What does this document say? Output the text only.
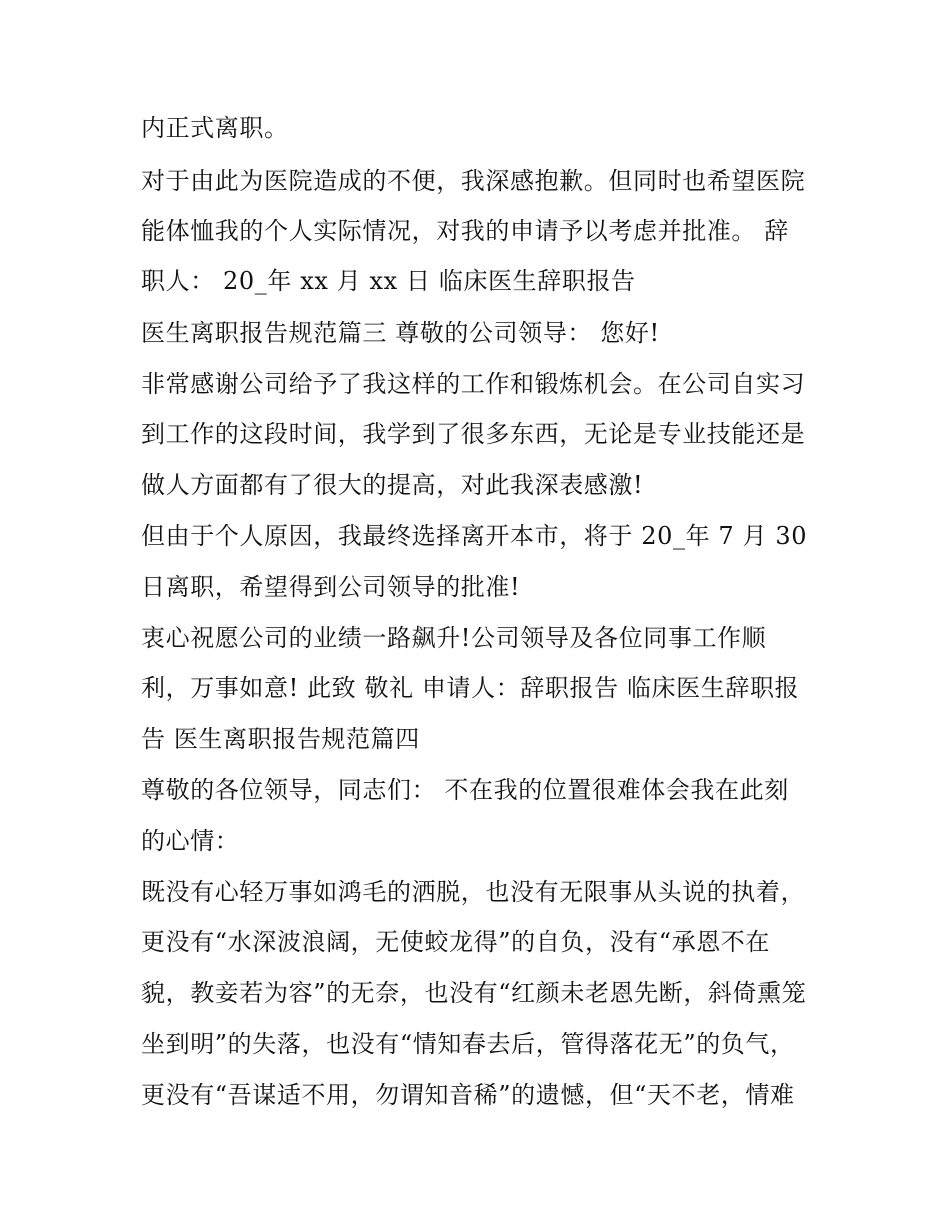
内正式离职。
对于由此为医院造成的不便，我深感抱歉。但同时也希望医院
能体恤我的个人实际情况，对我的申请予以考虑并批准。 辞
职人： 20_年 xx 月 xx 日 临床医生辞职报告
医生离职报告规范篇三 尊敬的公司领导： 您好!
非常感谢公司给予了我这样的工作和锻炼机会。在公司自实习
到工作的这段时间，我学到了很多东西，无论是专业技能还是
做人方面都有了很大的提高，对此我深表感激!
但由于个人原因，我最终选择离开本市，将于 20_年 7 月 30
日离职，希望得到公司领导的批准!
衷心祝愿公司的业绩一路飙升!公司领导及各位同事工作顺
利，万事如意! 此致 敬礼 申请人：辞职报告 临床医生辞职报
告 医生离职报告规范篇四
尊敬的各位领导，同志们： 不在我的位置很难体会我在此刻
的心情：
既没有心轻万事如鸿毛的洒脱，也没有无限事从头说的执着，
更没有“水深波浪阔，无使蛟龙得”的自负，没有“承恩不在
貌，教妾若为容”的无奈，也没有“红颜未老恩先断，斜倚熏笼
坐到明”的失落，也没有“情知春去后，管得落花无”的负气，
更没有“吾谋适不用，勿谓知音稀”的遗憾，但“天不老，情难
